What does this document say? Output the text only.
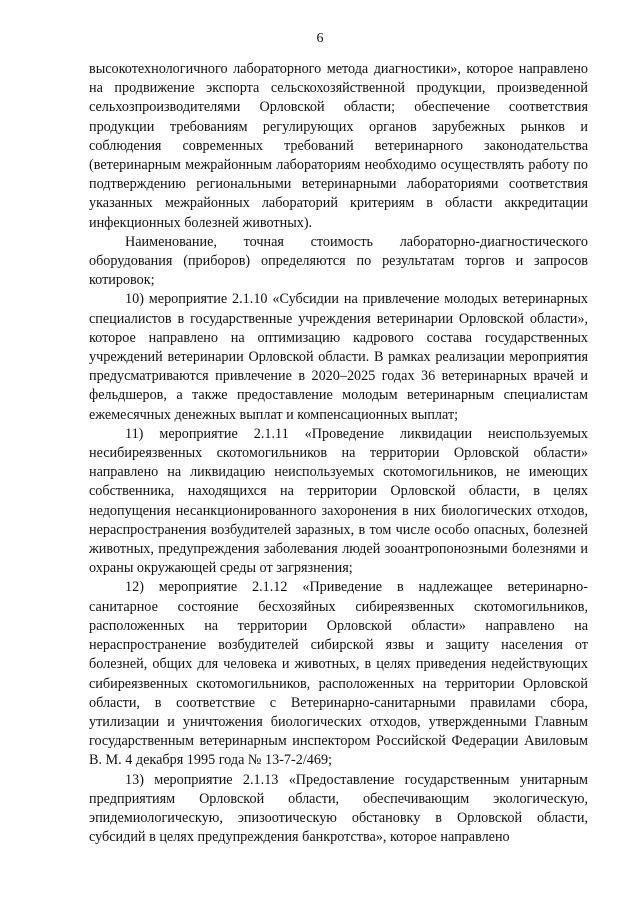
6

высокотехнологичного лабораторного метода диагностики», которое направлено на продвижение экспорта сельскохозяйственной продукции, произведенной сельхозпроизводителями Орловской области; обеспечение соответствия продукции требованиям регулирующих органов зарубежных рынков и соблюдения современных требований ветеринарного законодательства (ветеринарным межрайонным лабораториям необходимо осуществлять работу по подтверждению региональными ветеринарными лабораториями соответствия указанных межрайонных лабораторий критериям в области аккредитации инфекционных болезней животных).

Наименование, точная стоимость лабораторно-диагностического оборудования (приборов) определяются по результатам торгов и запросов котировок;

10) мероприятие 2.1.10 «Субсидии на привлечение молодых ветеринарных специалистов в государственные учреждения ветеринарии Орловской области», которое направлено на оптимизацию кадрового состава государственных учреждений ветеринарии Орловской области. В рамках реализации мероприятия предусматриваются привлечение в 2020–2025 годах 36 ветеринарных врачей и фельдшеров, а также предоставление молодым ветеринарным специалистам ежемесячных денежных выплат и компенсационных выплат;

11) мероприятие 2.1.11 «Проведение ликвидации неиспользуемых несибиреязвенных скотомогильников на территории Орловской области» направлено на ликвидацию неиспользуемых скотомогильников, не имеющих собственника, находящихся на территории Орловской области, в целях недопущения несанкционированного захоронения в них биологических отходов, нераспространения возбудителей заразных, в том числе особо опасных, болезней животных, предупреждения заболевания людей зооантропонозными болезнями и охраны окружающей среды от загрязнения;

12) мероприятие 2.1.12 «Приведение в надлежащее ветеринарно-санитарное состояние бесхозяйных сибиреязвенных скотомогильников, расположенных на территории Орловской области» направлено на нераспространение возбудителей сибирской язвы и защиту населения от болезней, общих для человека и животных, в целях приведения недействующих сибиреязвенных скотомогильников, расположенных на территории Орловской области, в соответствие с Ветеринарно-санитарными правилами сбора, утилизации и уничтожения биологических отходов, утвержденными Главным государственным ветеринарным инспектором Российской Федерации Авиловым В. М. 4 декабря 1995 года № 13-7-2/469;

13) мероприятие 2.1.13 «Предоставление государственным унитарным предприятиям Орловской области, обеспечивающим экологическую, эпидемиологическую, эпизоотическую обстановку в Орловской области, субсидий в целях предупреждения банкротства», которое направлено
